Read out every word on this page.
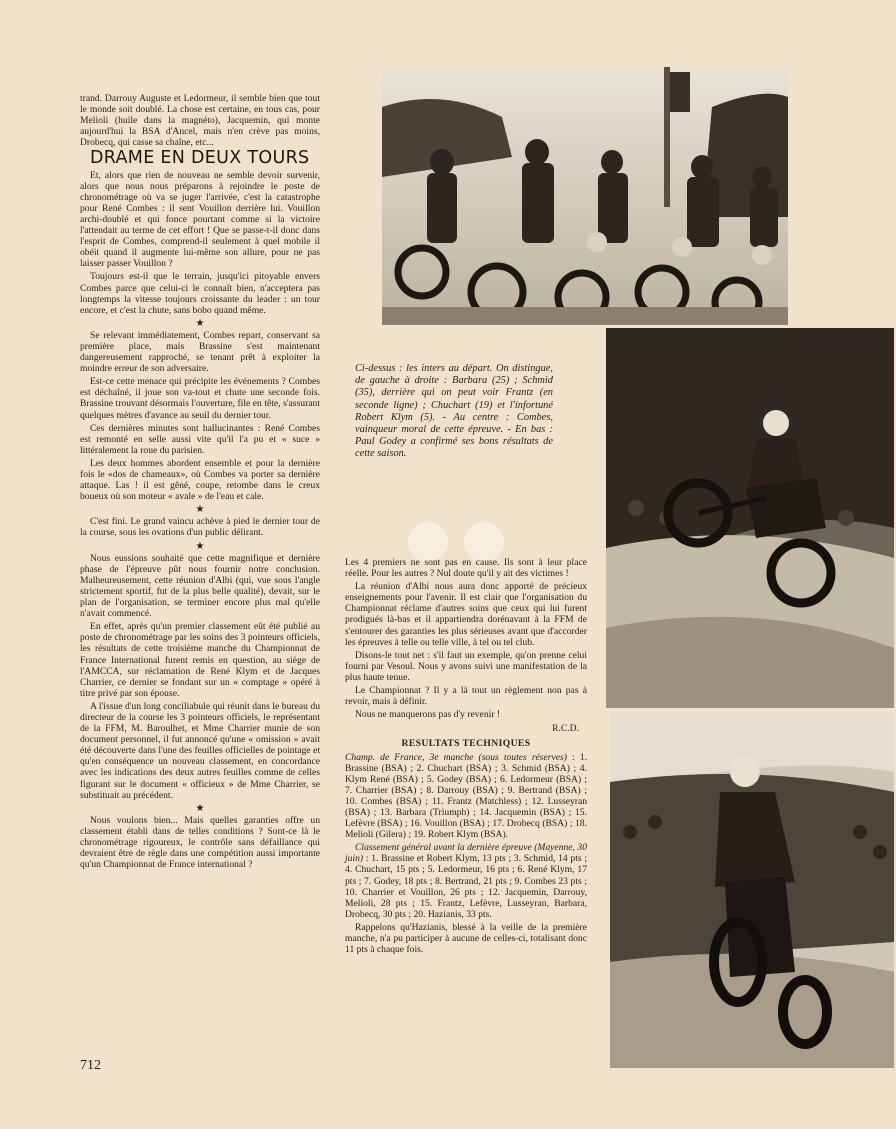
trand. Darrouy Auguste et Ledormeur, il semble bien que tout le monde soit doublé. La chose est certaine, en tous cas, pour Melioli (huile dans la magnéto), Jacquemin, qui monte aujourd'hui la BSA d'Ancel, mais n'en crève pas moins, Drobecq, qui casse sa chaîne, etc...

DRAME EN DEUX TOURS

Et, alors que rien de nouveau ne semble devoir survenir, alors que nous nous préparons à rejoindre le poste de chronométrage où va se juger l'arrivée, c'est la catastrophe pour René Combes : il sent Vouillon derrière lui. Vouillon archi-doublé et qui fonce pourtant comme si la victoire l'attendait au terme de cet effort ! Que se passe-t-il donc dans l'esprit de Combes, comprend-il seulement à quel mobile il obéit quand il augmente lui-même son allure, pour ne pas laisser passer Vouillon ?

Toujours est-il que le terrain, jusqu'ici pitoyable envers Combes parce que celui-ci le connaît bien, n'acceptera pas longtemps la vitesse toujours croissante du leader : un tour encore, et c'est la chute, sans bobo quand même.

★

Se relevant immédiatement, Combes repart, conservant sa première place, mais Brassine s'est maintenant dangereusement rapproché, se tenant prêt à exploiter la moindre erreur de son adversaire.

Est-ce cette menace qui précipite les événements ? Combes est déchaîné, il joue son va-tout et chute une seconde fois. Brassine trouvant désormais l'ouverture, file en tête, s'assurant quelques mètres d'avance au seuil du dernier tour.

Ces dernières minutes sont hallucinantes : René Combes est remonté en selle aussi vite qu'il l'a pu et « suce » littéralement la roue du parisien.

Les deux hommes abordent ensemble et pour la dernière fois le «dos de chameaux», où Combes va porter sa dernière attaque. Las ! il est gêné, coupe, retombe dans le creux boueux où son moteur « avale » de l'eau et cale.

★

C'est fini. Le grand vaincu achève à pied le dernier tour de la course, sous les ovations d'un public délirant.

★

Nous eussions souhaité que cette magnifique et dernière phase de l'épreuve pût nous fournir notre conclusion. Malheureusement, cette réunion d'Albi (qui, vue sous l'angle strictement sportif, fut de la plus belle qualité), devait, sur le plan de l'organisation, se terminer encore plus mal qu'elle n'avait commencé.

En effet, après qu'un premier classement eût été publié au poste de chronométrage par les soins des 3 pointeurs officiels, les résultats de cette troisième manche du Championnat de France International furent remis en question, au siège de l'AMCCA, sur réclamation de René Klym et de Jacques Charrier, ce dernier se fondant sur un « comptage » opéré à titre privé par son épouse.

A l'issue d'un long conciliabule qui réunit dans le bureau du directeur de la course les 3 pointeurs officiels, le représentant de la FFM, M. Baroulhet, et Mme Charrier munie de son document personnel, il fut annoncé qu'une « omission » avait été découverte dans l'une des feuilles officielles de pointage et qu'en conséquence un nouveau classement, en concordance avec les indications des deux autres feuilles comme de celles figurant sur le document « officieux » de Mme Charrier, se substituait au précédent.

★

Nous voulons bien... Mais quelles garanties offre un classement établi dans de telles conditions ? Sont-ce là le chronométrage rigoureux, le contrôle sans défaillance qui devraient être de règle dans une compétition aussi importante qu'un Championnat de France international ?

Ci-dessus : les inters au départ. On distingue, de gauche à droite : Barbara (25) ; Schmid (35), derrière qui on peut voir Frantz (en seconde ligne) ; Chuchart (19) et l'infortuné Robert Klym (5). - Au centre : Combes, vainqueur moral de cette épreuve. - En bas : Paul Godey a confirmé ses bons résultats de cette saison.

Les 4 premiers ne sont pas en cause. Ils sont à leur place réelle. Pour les autres ? Nul doute qu'il y ait des victimes !

La réunion d'Albi nous aura donc apporté de précieux enseignements pour l'avenir. Il est clair que l'organisation du Championnat réclame d'autres soins que ceux qui lui furent prodigués là-bas et il appartiendra dorénavant à la FFM de s'entourer des garanties les plus sérieuses avant que d'accorder les épreuves à telle ou telle ville, à tel ou tel club.

Disons-le tout net : s'il faut un exemple, qu'on prenne celui fourni par Vesoul. Nous y avons suivi une manifestation de la plus haute tenue.

Le Championnat ? Il y a là tout un règlement non pas à revoir, mais à définir.

Nous ne manquerons pas d'y revenir !

R.C.D.
RESULTATS TECHNIQUES

Champ. de France, 3e manche (sous toutes réserves) : 1. Brassine (BSA) ; 2. Chuchart (BSA) ; 3. Schmid (BSA) ; 4. Klym René (BSA) ; 5. Godey (BSA) ; 6. Ledormeur (BSA) ; 7. Charrier (BSA) ; 8. Darrouy (BSA) ; 9. Bertrand (BSA) ; 10. Combes (BSA) ; 11. Frantz (Matchless) ; 12. Lusseyran (BSA) ; 13. Barbara (Triumph) ; 14. Jacquemin (BSA) ; 15. Lefèvre (BSA) ; 16. Vouillon (BSA) ; 17. Drobecq (BSA) ; 18. Melioli (Gilera) ; 19. Robert Klym (BSA).

Classement général avant la dernière épreuve (Mayenne, 30 juin) : 1. Brassine et Robert Klym, 13 pts ; 3. Schmid, 14 pts ; 4. Chuchart, 15 pts ; 5. Ledormeur, 16 pts ; 6. René Klym, 17 pts ; 7. Godey, 18 pts ; 8. Bertrand, 21 pts ; 9. Combes 23 pts ; 10. Charrier et Vouillon, 26 pts ; 12. Jacquemin, Darrouy, Melioli, 28 pts ; 15. Frantz, Lefèvre, Lusseyran, Barbara, Drobecq, 30 pts ; 20. Hazianis, 33 pts.

Rappelons qu'Hazianis, blessé à la veille de la première manche, n'a pu participer à aucune de celles-ci, totalisant donc 11 pts à chaque fois.

712
